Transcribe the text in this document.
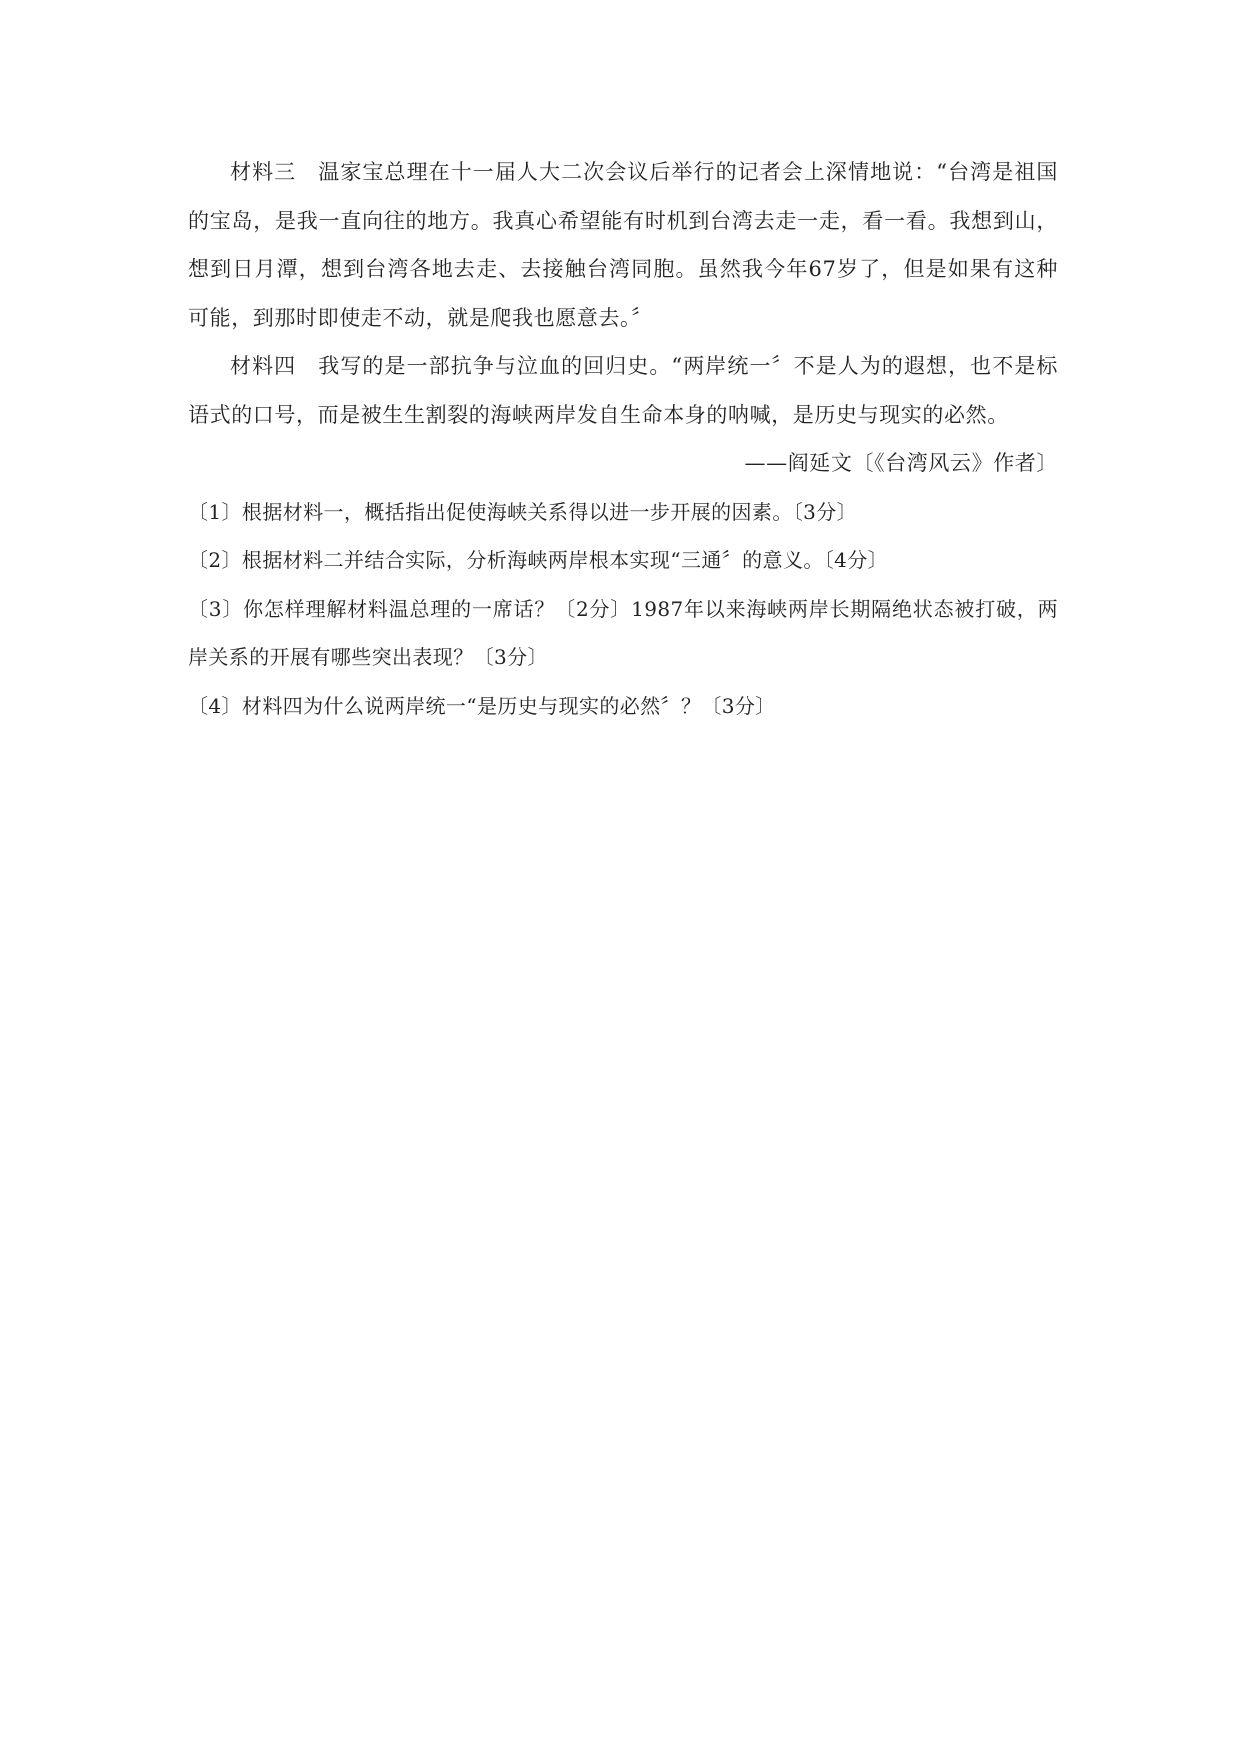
材料三　温家宝总理在十一届人大二次会议后举行的记者会上深情地说：“台湾是祖国的宝岛，是我一直向往的地方。我真心希望能有时机到台湾去走一走，看一看。我想到山，想到日月潭，想到台湾各地去走、去接触台湾同胞。虽然我今年67岁了，但是如果有这种可能，到那时即使走不动，就是爬我也愿意去。〞

材料四　我写的是一部抗争与泣血的回归史。“两岸统一〞不是人为的遐想，也不是标语式的口号，而是被生生割裂的海峡两岸发自生命本身的呐喊，是历史与现实的必然。

——阎延文〔《台湾风云》作者〕

〔1〕根据材料一，概括指出促使海峡关系得以进一步开展的因素。〔3分〕

〔2〕根据材料二并结合实际，分析海峡两岸根本实现“三通〞的意义。〔4分〕

〔3〕你怎样理解材料温总理的一席话？〔2分〕1987年以来海峡两岸长期隔绝状态被打破，两岸关系的开展有哪些突出表现？〔3分〕

〔4〕材料四为什么说两岸统一“是历史与现实的必然〞？〔3分〕
